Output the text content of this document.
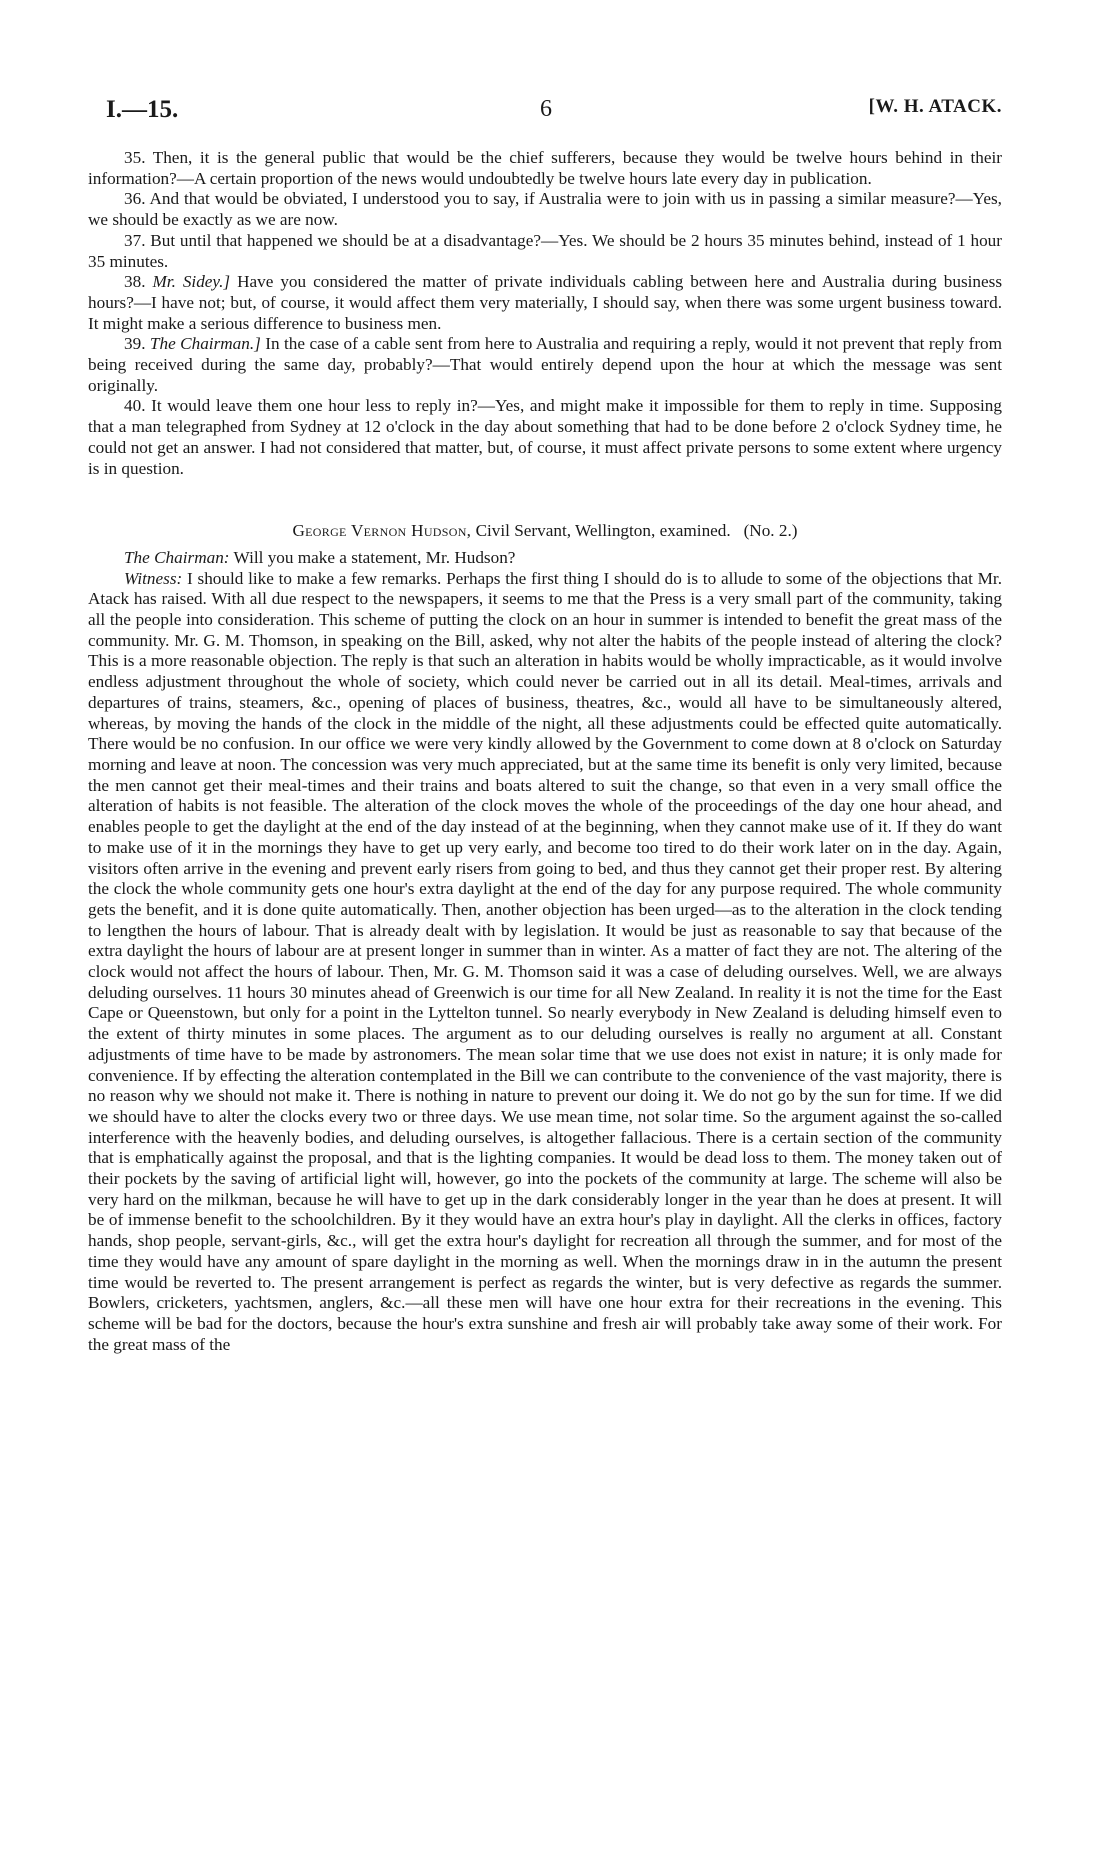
I.—15.	6	[W. H. ATACK.

35. Then, it is the general public that would be the chief sufferers, because they would be twelve hours behind in their information?—A certain proportion of the news would undoubtedly be twelve hours late every day in publication.

36. And that would be obviated, I understood you to say, if Australia were to join with us in passing a similar measure?—Yes, we should be exactly as we are now.

37. But until that happened we should be at a disadvantage?—Yes. We should be 2 hours 35 minutes behind, instead of 1 hour 35 minutes.

38. Mr. Sidey.] Have you considered the matter of private individuals cabling between here and Australia during business hours?—I have not; but, of course, it would affect them very materially, I should say, when there was some urgent business toward. It might make a serious difference to business men.

39. The Chairman.] In the case of a cable sent from here to Australia and requiring a reply, would it not prevent that reply from being received during the same day, probably?—That would entirely depend upon the hour at which the message was sent originally.

40. It would leave them one hour less to reply in?—Yes, and might make it impossible for them to reply in time. Supposing that a man telegraphed from Sydney at 12 o'clock in the day about something that had to be done before 2 o'clock Sydney time, he could not get an answer. I had not considered that matter, but, of course, it must affect private persons to some extent where urgency is in question.

George Vernon Hudson, Civil Servant, Wellington, examined. (No. 2.)

The Chairman: Will you make a statement, Mr. Hudson?

Witness: I should like to make a few remarks. Perhaps the first thing I should do is to allude to some of the objections that Mr. Atack has raised. With all due respect to the newspapers, it seems to me that the Press is a very small part of the community, taking all the people into consideration. This scheme of putting the clock on an hour in summer is intended to benefit the great mass of the community. Mr. G. M. Thomson, in speaking on the Bill, asked, why not alter the habits of the people instead of altering the clock? This is a more reasonable objection. The reply is that such an alteration in habits would be wholly impracticable, as it would involve endless adjustment throughout the whole of society, which could never be carried out in all its detail. Meal-times, arrivals and departures of trains, steamers, &c., opening of places of business, theatres, &c., would all have to be simultaneously altered, whereas, by moving the hands of the clock in the middle of the night, all these adjustments could be effected quite automatically. There would be no confusion. In our office we were very kindly allowed by the Government to come down at 8 o'clock on Saturday morning and leave at noon. The concession was very much appreciated, but at the same time its benefit is only very limited, because the men cannot get their meal-times and their trains and boats altered to suit the change, so that even in a very small office the alteration of habits is not feasible. The alteration of the clock moves the whole of the proceedings of the day one hour ahead, and enables people to get the daylight at the end of the day instead of at the beginning, when they cannot make use of it. If they do want to make use of it in the mornings they have to get up very early, and become too tired to do their work later on in the day. Again, visitors often arrive in the evening and prevent early risers from going to bed, and thus they cannot get their proper rest. By altering the clock the whole community gets one hour's extra daylight at the end of the day for any purpose required. The whole community gets the benefit, and it is done quite automatically. Then, another objection has been urged—as to the alteration in the clock tending to lengthen the hours of labour. That is already dealt with by legislation. It would be just as reasonable to say that because of the extra daylight the hours of labour are at present longer in summer than in winter. As a matter of fact they are not. The altering of the clock would not affect the hours of labour. Then, Mr. G. M. Thomson said it was a case of deluding ourselves. Well, we are always deluding ourselves. 11 hours 30 minutes ahead of Greenwich is our time for all New Zealand. In reality it is not the time for the East Cape or Queenstown, but only for a point in the Lyttelton tunnel. So nearly everybody in New Zealand is deluding himself even to the extent of thirty minutes in some places. The argument as to our deluding ourselves is really no argument at all. Constant adjustments of time have to be made by astronomers. The mean solar time that we use does not exist in nature; it is only made for convenience. If by effecting the alteration contemplated in the Bill we can contribute to the convenience of the vast majority, there is no reason why we should not make it. There is nothing in nature to prevent our doing it. We do not go by the sun for time. If we did we should have to alter the clocks every two or three days. We use mean time, not solar time. So the argument against the so-called interference with the heavenly bodies, and deluding ourselves, is altogether fallacious. There is a certain section of the community that is emphatically against the proposal, and that is the lighting companies. It would be dead loss to them. The money taken out of their pockets by the saving of artificial light will, however, go into the pockets of the community at large. The scheme will also be very hard on the milkman, because he will have to get up in the dark considerably longer in the year than he does at present. It will be of immense benefit to the schoolchildren. By it they would have an extra hour's play in daylight. All the clerks in offices, factory hands, shop people, servant-girls, &c., will get the extra hour's daylight for recreation all through the summer, and for most of the time they would have any amount of spare daylight in the morning as well. When the mornings draw in in the autumn the present time would be reverted to. The present arrangement is perfect as regards the winter, but is very defective as regards the summer. Bowlers, cricketers, yachtsmen, anglers, &c.—all these men will have one hour extra for their recreations in the evening. This scheme will be bad for the doctors, because the hour's extra sunshine and fresh air will probably take away some of their work. For the great mass of the
